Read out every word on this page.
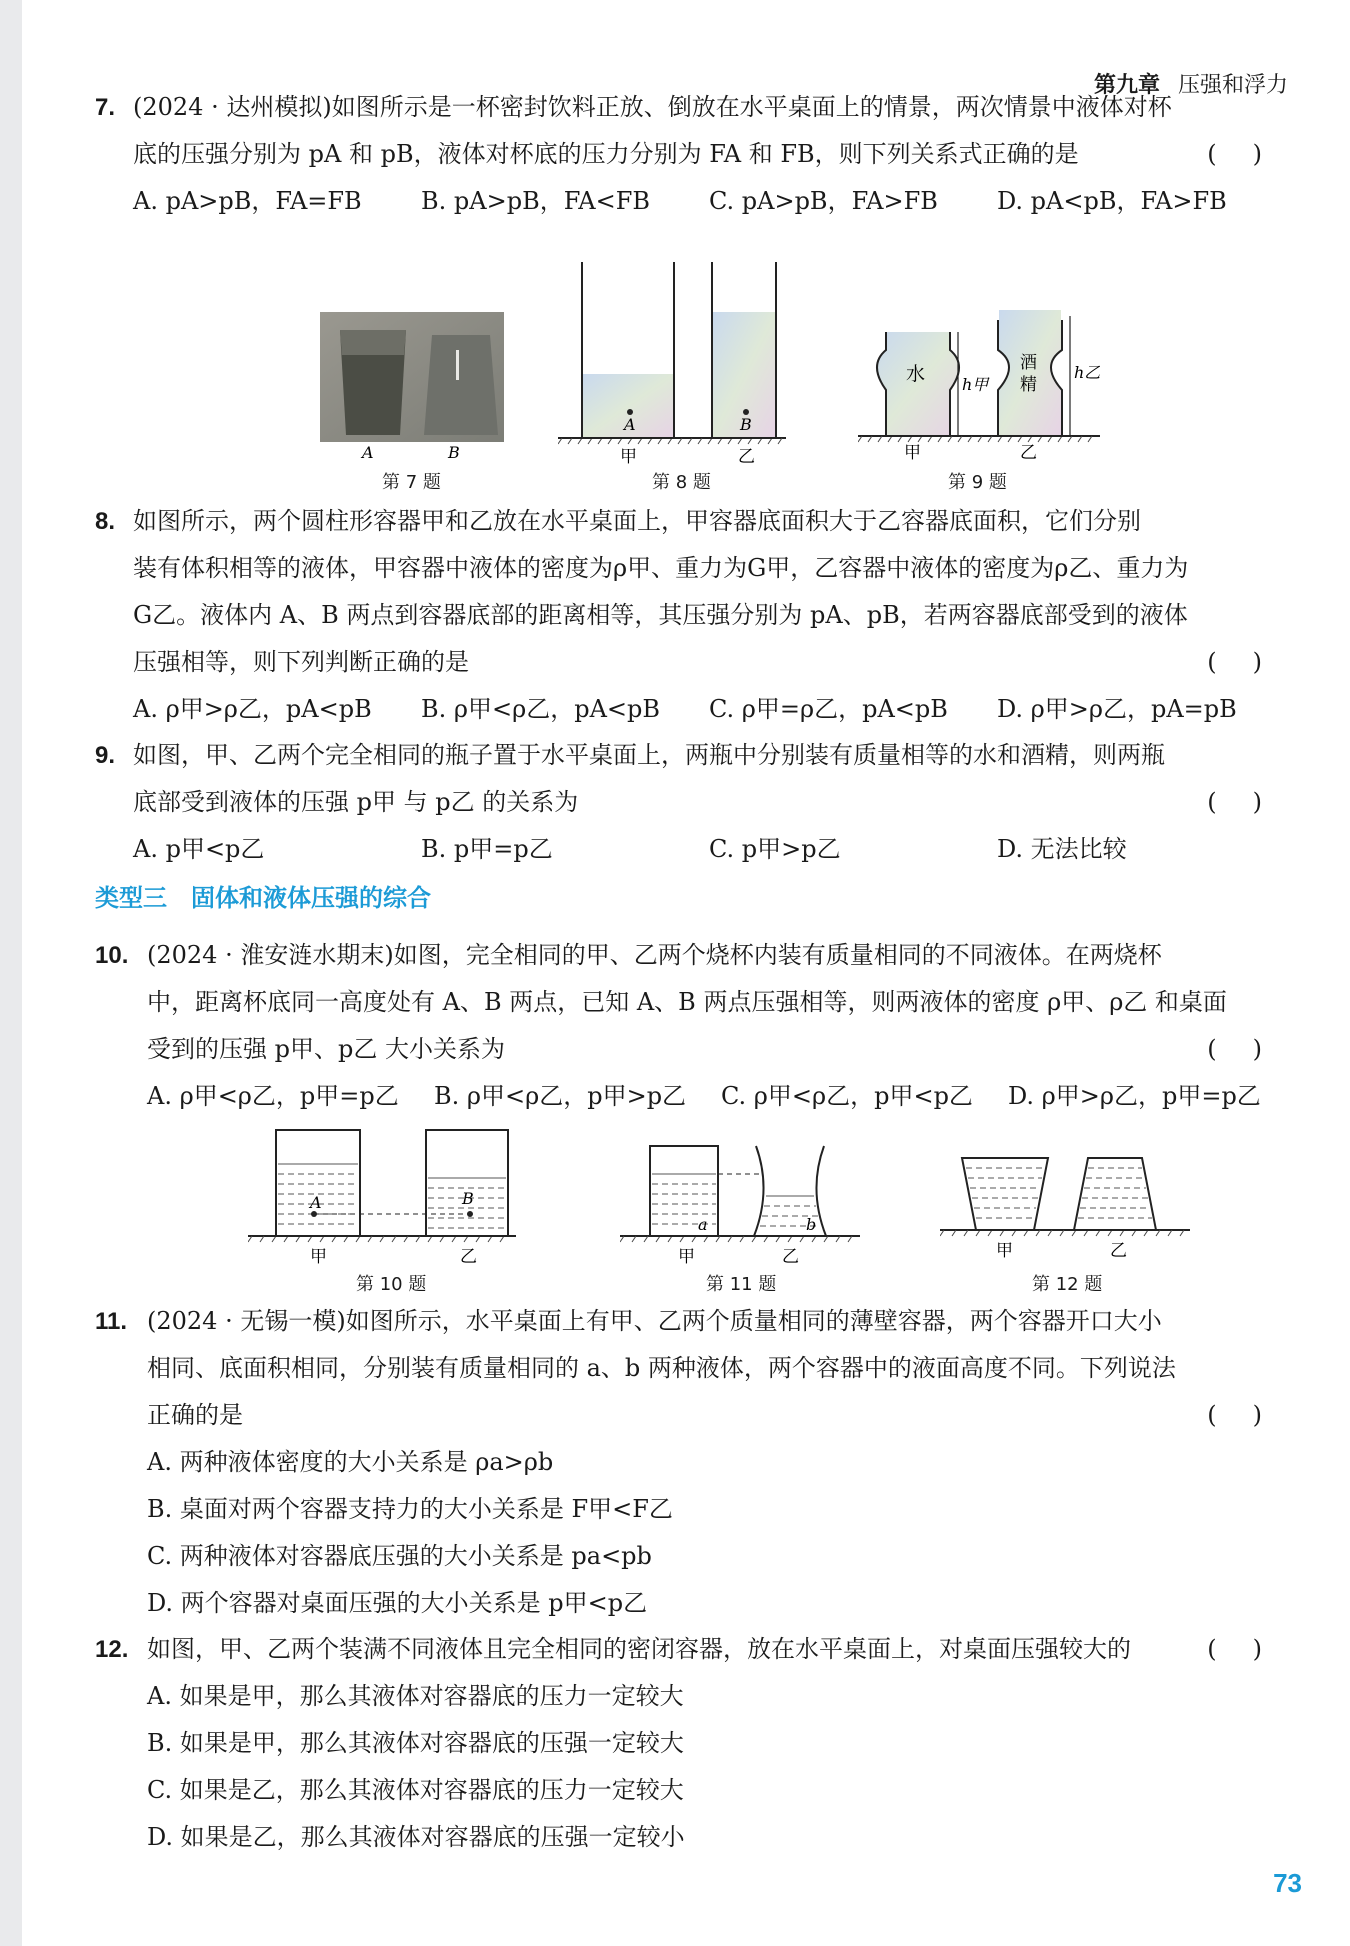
第九章 压强和浮力
7. (2024 · 达州模拟)如图所示是一杯密封饮料正放、倒放在水平桌面上的情景，两次情景中液体对杯
底的压强分别为 pA 和 pB，液体对杯底的压力分别为 FA 和 FB，则下列关系式正确的是	()
A. pA>pB，FA=FB	B. pA>pB，FA<FB	C. pA>pB，FA>FB	D. pA<pB，FA>FB
A	B
第 7 题
A	B
甲	乙
第 8 题
水	酒
精
h甲
h乙
甲	乙
第 9 题
8. 如图所示，两个圆柱形容器甲和乙放在水平桌面上，甲容器底面积大于乙容器底面积，它们分别
装有体积相等的液体，甲容器中液体的密度为ρ甲、重力为G甲，乙容器中液体的密度为ρ乙、重力为
G乙。液体内 A、B 两点到容器底部的距离相等，其压强分别为 pA、pB，若两容器底部受到的液体
压强相等，则下列判断正确的是	()
A. ρ甲>ρ乙，pA<pB	B. ρ甲<ρ乙，pA<pB	C. ρ甲=ρ乙，pA<pB	D. ρ甲>ρ乙，pA=pB
9. 如图，甲、乙两个完全相同的瓶子置于水平桌面上，两瓶中分别装有质量相等的水和酒精，则两瓶
底部受到液体的压强 p甲 与 p乙 的关系为	()
A. p甲<p乙	B. p甲=p乙	C. p甲>p乙	D. 无法比较
类型三　固体和液体压强的综合
10. (2024 · 淮安涟水期末)如图，完全相同的甲、乙两个烧杯内装有质量相同的不同液体。在两烧杯
中，距离杯底同一高度处有 A、B 两点，已知 A、B 两点压强相等，则两液体的密度 ρ甲、ρ乙 和桌面
受到的压强 p甲、p乙 大小关系为	()
A. ρ甲<ρ乙，p甲=p乙	B. ρ甲<ρ乙，p甲>p乙	C. ρ甲<ρ乙，p甲<p乙	D. ρ甲>ρ乙，p甲=p乙
A	B
甲	乙
第 10 题
a	b
甲	乙
第 11 题
甲	乙
第 12 题
11. (2024 · 无锡一模)如图所示，水平桌面上有甲、乙两个质量相同的薄壁容器，两个容器开口大小
相同、底面积相同，分别装有质量相同的 a、b 两种液体，两个容器中的液面高度不同。下列说法
正确的是	()
A. 两种液体密度的大小关系是 ρa>ρb
B. 桌面对两个容器支持力的大小关系是 F甲<F乙
C. 两种液体对容器底压强的大小关系是 pa<pb
D. 两个容器对桌面压强的大小关系是 p甲<p乙
12. 如图，甲、乙两个装满不同液体且完全相同的密闭容器，放在水平桌面上，对桌面压强较大的	()
A. 如果是甲，那么其液体对容器底的压力一定较大
B. 如果是甲，那么其液体对容器底的压强一定较大
C. 如果是乙，那么其液体对容器底的压力一定较大
D. 如果是乙，那么其液体对容器底的压强一定较小
73
